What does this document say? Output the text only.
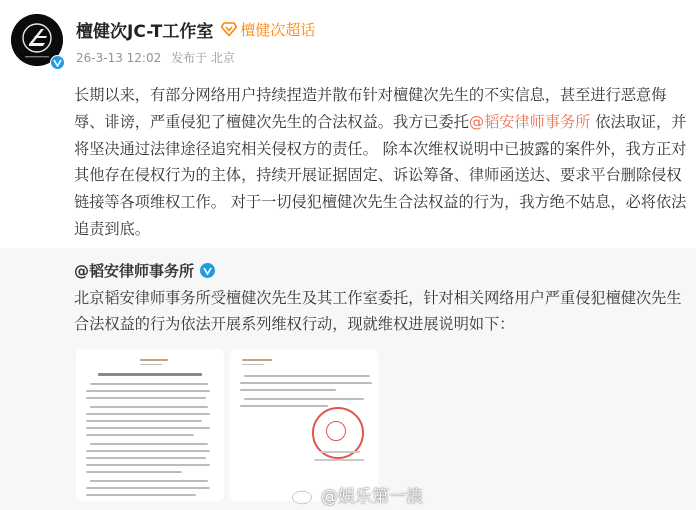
檀健次JC-T工作室 檀健次超话
26-3-13 12:02 发布于 北京
长期以来，有部分网络用户持续捏造并散布针对檀健次先生的不实信息，甚至进行恶意侮辱、诽谤，严重侵犯了檀健次先生的合法权益。我方已委托@韬安律师事务所 依法取证，并将坚决通过法律途径追究相关侵权方的责任。 除本次维权说明中已披露的案件外，我方正对其他存在侵权行为的主体，持续开展证据固定、诉讼筹备、律师函送达、要求平台删除侵权链接等各项维权工作。 对于一切侵犯檀健次先生合法权益的行为，我方绝不姑息，必将依法追责到底。
@韬安律师事务所
北京韬安律师事务所受檀健次先生及其工作室委托，针对相关网络用户严重侵犯檀健次先生合法权益的行为依法开展系列维权行动，现就维权进展说明如下：
@娱乐第一浪
